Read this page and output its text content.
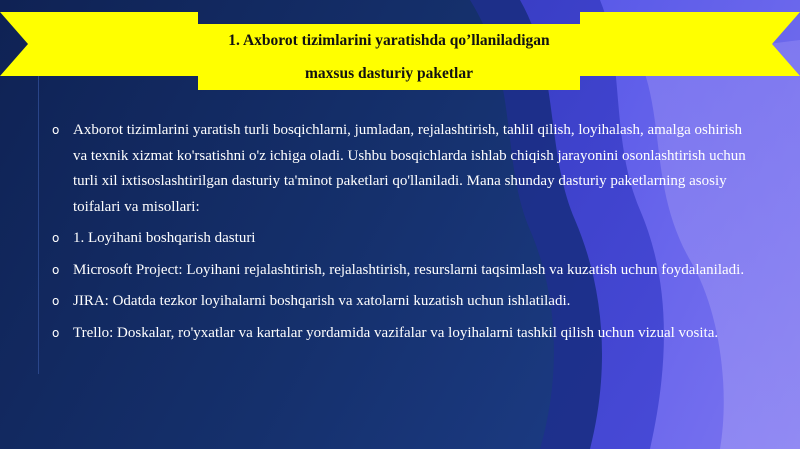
1. Axborot tizimlarini yaratishda qo’llaniladigan
maxsus dasturiy paketlar
o Axborot tizimlarini yaratish turli bosqichlarni, jumladan, rejalashtirish, tahlil qilish, loyihalash, amalga oshirish va texnik xizmat ko'rsatishni o'z ichiga oladi. Ushbu bosqichlarda ishlab chiqish jarayonini osonlashtirish uchun turli xil ixtisoslashtirilgan dasturiy ta'minot paketlari qo'llaniladi. Mana shunday dasturiy paketlarning asosiy toifalari va misollari:
o 1. Loyihani boshqarish dasturi
o Microsoft Project: Loyihani rejalashtirish, rejalashtirish, resurslarni taqsimlash va kuzatish uchun foydalaniladi.
o JIRA: Odatda tezkor loyihalarni boshqarish va xatolarni kuzatish uchun ishlatiladi.
o Trello: Doskalar, ro'yxatlar va kartalar yordamida vazifalar va loyihalarni tashkil qilish uchun vizual vosita.
